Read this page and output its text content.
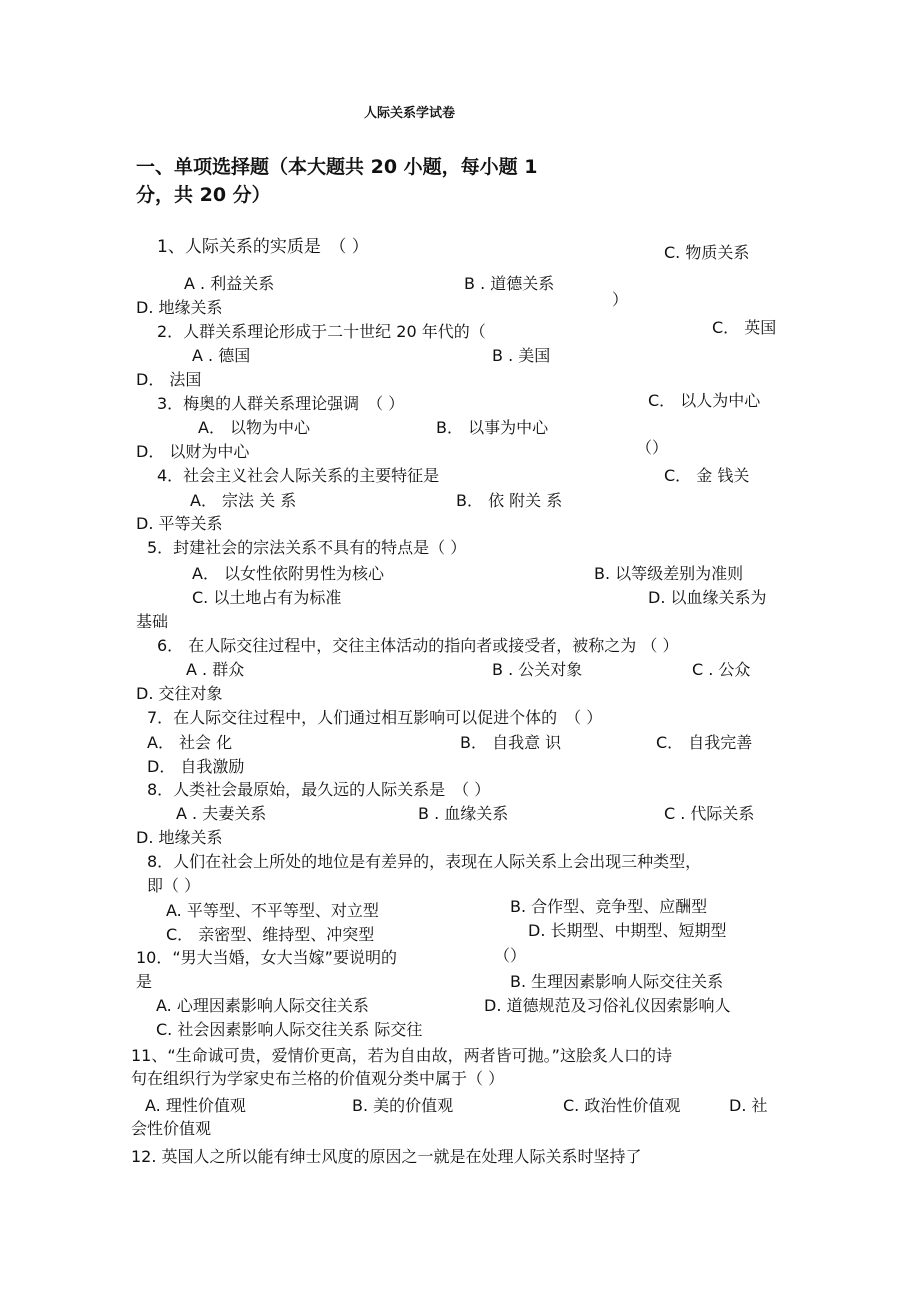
人际关系学试卷
一、单项选择题（本大题共 20 小题，每小题 1
分，共 20 分）
1、人际关系的实质是　（ ）	C. 物质关系
A . 利益关系	B . 道德关系
D. 地缘关系	）
2．人群关系理论形成于二十世纪 20 年代的（	C． 英国
A . 德国	B . 美国
D． 法国
3．梅奥的人群关系理论强调　（ ）	C． 以人为中心
A． 以物为中心	B． 以事为中心
D． 以财为中心	（）
4．社会主义社会人际关系的主要特征是	C． 金 钱关
A． 宗法 关 系	B． 依 附关 系
D. 平等关系
5．封建社会的宗法关系不具有的特点是（ ）
A． 以女性依附男性为核心	B. 以等级差别为准则
C. 以土地占有为标准	D. 以血缘关系为
基础
6． 在人际交往过程中，交往主体活动的指向者或接受者，被称之为 （ ）
A . 群众	B . 公关对象	C . 公众
D. 交往对象
7．在人际交往过程中，人们通过相互影响可以促进个体的　（ ）
A． 社会 化	B． 自我意 识	C． 自我完善
D． 自我激励
8．人类社会最原始，最久远的人际关系是　（ ）
A . 夫妻关系	B . 血缘关系	C . 代际关系
D. 地缘关系
8．人们在社会上所处的地位是有差异的，表现在人际关系上会出现三种类型，
即（ ）
A. 平等型、不平等型、对立型	B. 合作型、竞争型、应酬型
C． 亲密型、维持型、冲突型	D. 长期型、中期型、短期型
10．“男大当婚，女大当嫁”要说明的	（）
是	B. 生理因素影响人际交往关系
A. 心理因素影响人际交往关系	D. 道德规范及习俗礼仪因索影响人
C. 社会因素影响人际交往关系 际交往
11、“生命诚可贵，爱情价更高，若为自由故，两者皆可抛。”这脍炙人口的诗
句在组织行为学家史布兰格的价值观分类中属于（ ）
A. 理性价值观	B. 美的价值观	C. 政治性价值观	D. 社
会性价值观
12. 英国人之所以能有绅士风度的原因之一就是在处理人际关系时坚持了
